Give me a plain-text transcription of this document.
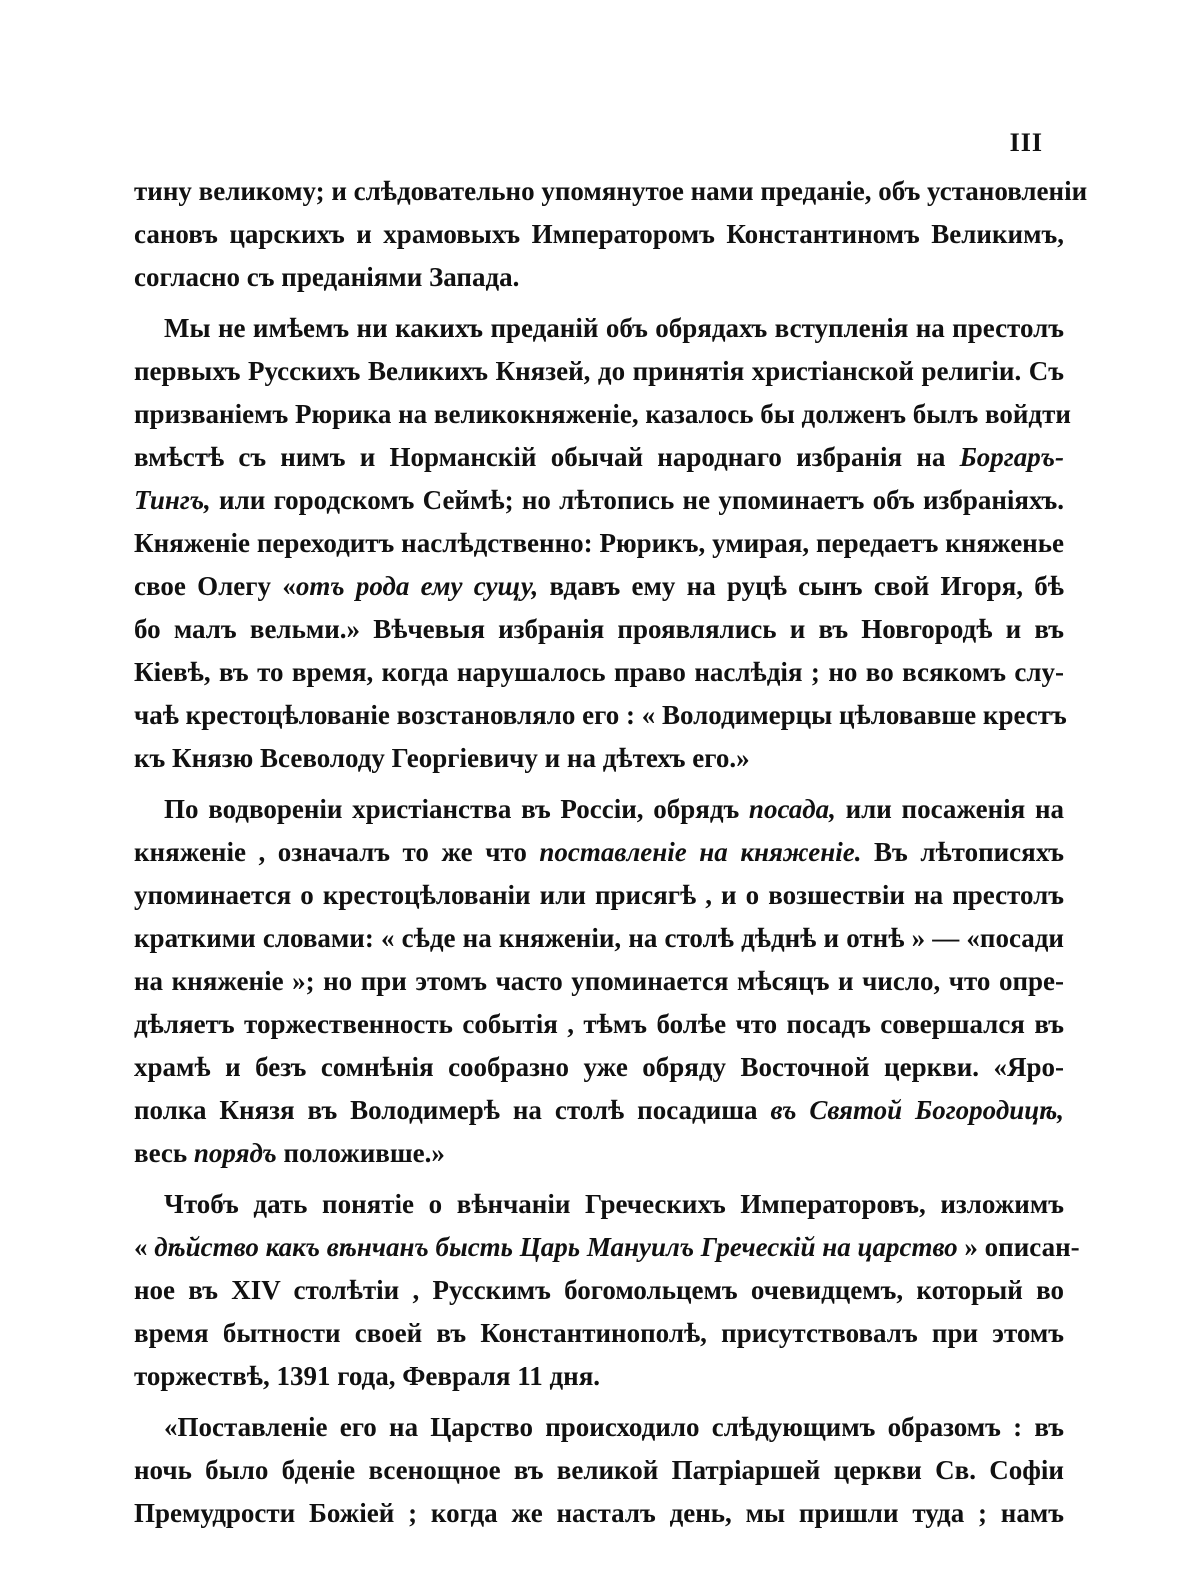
III

тину великому; и слѣдовательно упомянутое нами преданіе, объ установленіи
сановъ царскихъ и храмовыхъ Императоромъ Константиномъ Великимъ,
согласно съ преданіями Запада.

Мы не имѣемъ ни какихъ преданій объ обрядахъ вступленія на престолъ
первыхъ Русскихъ Великихъ Князей, до принятія христіанской религіи. Съ
призваніемъ Рюрика на великокняженіе, казалось бы долженъ былъ войдти
вмѣстѣ съ нимъ и Норманскій обычай народнаго избранія на Боргаръ-
Тингъ, или городскомъ Сеймѣ; но лѣтопись не упоминаетъ объ избраніяхъ.
Княженіе переходитъ наслѣдственно: Рюрикъ, умирая, передаетъ княженье
свое Олегу «отъ рода ему сущу, вдавъ ему на руцѣ сынъ свой Игоря, бѣ
бо малъ вельми.» Вѣчевыя избранія проявлялись и въ Новгородѣ и въ
Кіевѣ, въ то время, когда нарушалось право наслѣдія ; но во всякомъ слу-
чаѣ крестоцѣлованіе возстановляло его : « Володимерцы цѣловавше крестъ
къ Князю Всеволоду Георгіевичу и на дѣтехъ его.»

По водвореніи христіанства въ Россіи, обрядъ посада, или посаженія на
княженіе , означалъ то же что поставленіе на княженіе. Въ лѣтописяхъ
упоминается о крестоцѣлованіи или присягѣ , и о возшествіи на престолъ
краткими словами: « сѣде на княженіи, на столѣ дѣднѣ и отнѣ » — «посади
на княженіе »; но при этомъ часто упоминается мѣсяцъ и число, что опре-
дѣляетъ торжественность событія , тѣмъ болѣе что посадъ совершался въ
храмѣ и безъ сомнѣнія сообразно уже обряду Восточной церкви. «Яро-
полка Князя въ Володимерѣ на столѣ посадиша въ Святой Богородицѣ,
весь порядъ положивше.»

Чтобъ дать понятіе о вѣнчаніи Греческихъ Императоровъ, изложимъ
« дѣйство какъ вѣнчанъ бысть Царь Мануилъ Греческій на царство » описан-
ное въ XIV столѣтіи , Русскимъ богомольцемъ очевидцемъ, который во
время бытности своей въ Константинополѣ, присутствовалъ при этомъ
торжествѣ, 1391 года, Февраля 11 дня.

«Поставленіе его на Царство происходило слѣдующимъ образомъ : въ
ночь было бденіе всенощное въ великой Патріаршей церкви Св. Софіи
Премудрости Божіей ; когда же насталъ день, мы пришли туда ; намъ
